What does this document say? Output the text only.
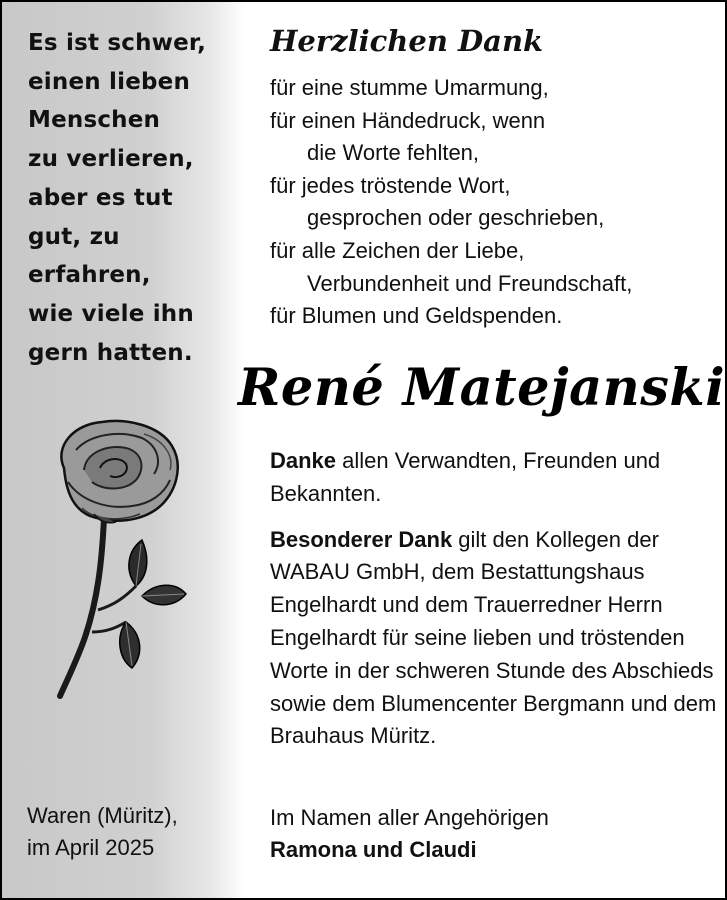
Es ist schwer,
einen lieben
Menschen
zu verlieren,
aber es tut
gut, zu
erfahren,
wie viele ihn
gern hatten.
Waren (Müritz),
im April 2025
Herzlichen Dank
für eine stumme Umarmung,
für einen Händedruck, wenn
die Worte fehlten,
für jedes tröstende Wort,
gesprochen oder geschrieben,
für alle Zeichen der Liebe,
Verbundenheit und Freundschaft,
für Blumen und Geldspenden.
René Matejanski

Danke allen Verwandten, Freunden und Bekannten.

Besonderer Dank gilt den Kollegen der WABAU GmbH, dem Bestattungshaus Engelhardt und dem Trauerredner Herrn Engelhardt für seine lieben und tröstenden Worte in der schweren Stunde des Abschieds sowie dem Blumencenter Bergmann und dem Brauhaus Müritz.

Im Namen aller Angehörigen
Ramona und Claudi
